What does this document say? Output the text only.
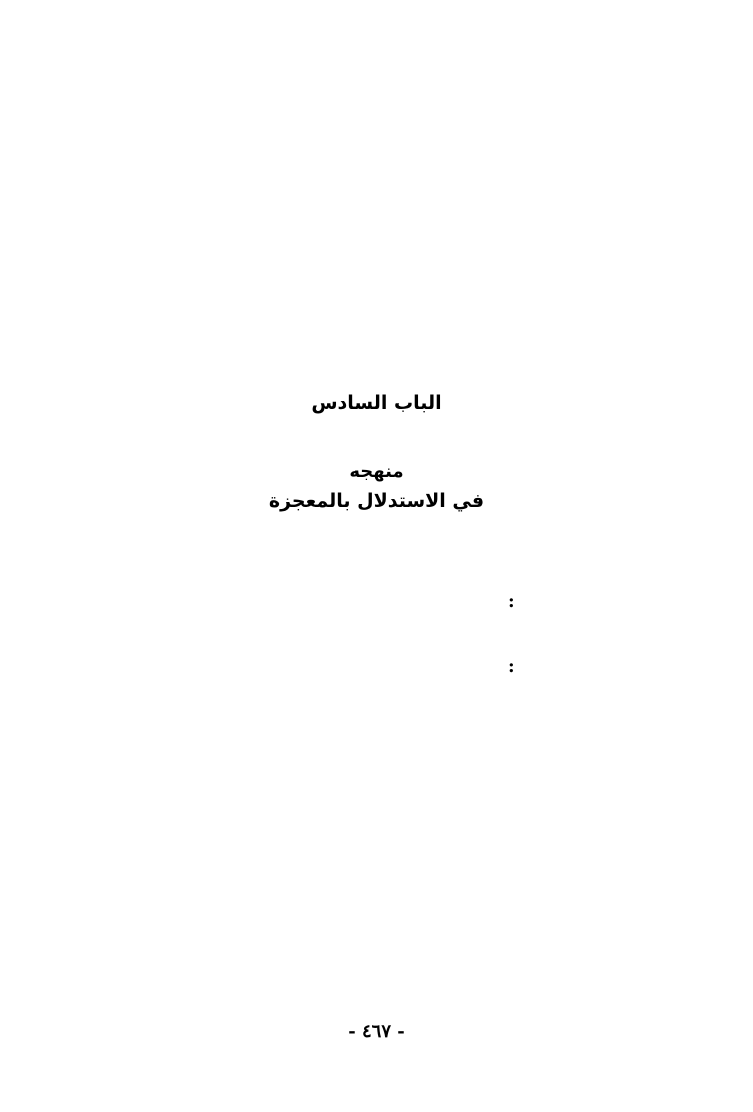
الباب السادس
منهجه
في الاستدلال بالمعجزة
:
:
- ٤٦٧ -
